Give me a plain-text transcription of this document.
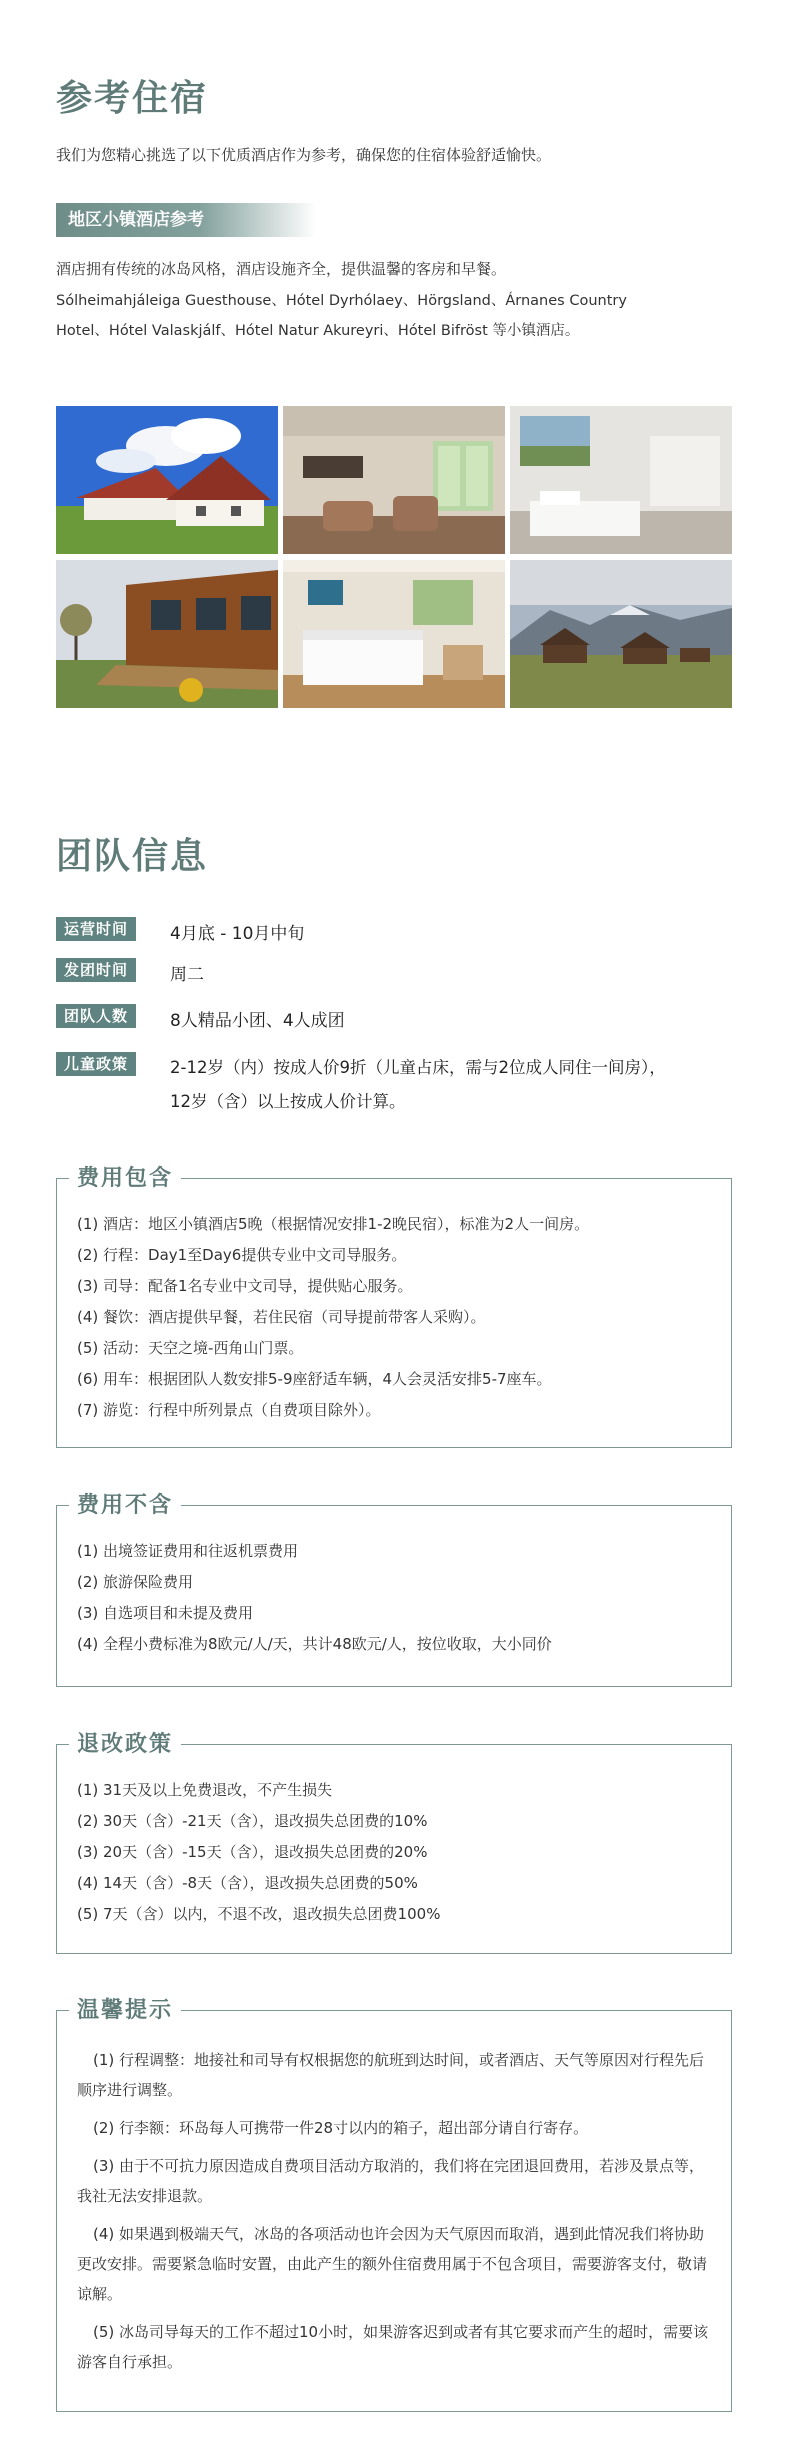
参考住宿
我们为您精心挑选了以下优质酒店作为参考，确保您的住宿体验舒适愉快。
地区小镇酒店参考
酒店拥有传统的冰岛风格，酒店设施齐全，提供温馨的客房和早餐。
Sólheimahjáleiga Guesthouse、Hótel Dyrhólaey、Hörgsland、Árnanes Country
Hotel、Hótel Valaskjálf、Hótel Natur Akureyri、Hótel Bifröst 等小镇酒店。
团队信息
运营时间	4月底 - 10月中旬
发团时间	周二
团队人数	8人精品小团、4人成团
儿童政策	2-12岁（内）按成人价9折（儿童占床，需与2位成人同住一间房），
12岁（含）以上按成人价计算。
费用包含
(1) 酒店：地区小镇酒店5晚（根据情况安排1-2晚民宿），标准为2人一间房。
(2) 行程：Day1至Day6提供专业中文司导服务。
(3) 司导：配备1名专业中文司导，提供贴心服务。
(4) 餐饮：酒店提供早餐，若住民宿（司导提前带客人采购）。
(5) 活动：天空之境-西角山门票。
(6) 用车：根据团队人数安排5-9座舒适车辆，4人会灵活安排5-7座车。
(7) 游览：行程中所列景点（自费项目除外）。
费用不含
(1) 出境签证费用和往返机票费用
(2) 旅游保险费用
(3) 自选项目和未提及费用
(4) 全程小费标准为8欧元/人/天，共计48欧元/人，按位收取，大小同价
退改政策
(1) 31天及以上免费退改，不产生损失
(2) 30天（含）-21天（含），退改损失总团费的10%
(3) 20天（含）-15天（含），退改损失总团费的20%
(4) 14天（含）-8天（含），退改损失总团费的50%
(5) 7天（含）以内，不退不改，退改损失总团费100%
温馨提示
(1) 行程调整：地接社和司导有权根据您的航班到达时间，或者酒店、天气等原因对行程先后顺序进行调整。
(2) 行李额：环岛每人可携带一件28寸以内的箱子，超出部分请自行寄存。
(3) 由于不可抗力原因造成自费项目活动方取消的，我们将在完团退回费用，若涉及景点等，我社无法安排退款。
(4) 如果遇到极端天气，冰岛的各项活动也许会因为天气原因而取消，遇到此情况我们将协助更改安排。需要紧急临时安置，由此产生的额外住宿费用属于不包含项目，需要游客支付，敬请谅解。
(5) 冰岛司导每天的工作不超过10小时，如果游客迟到或者有其它要求而产生的超时，需要该游客自行承担。
